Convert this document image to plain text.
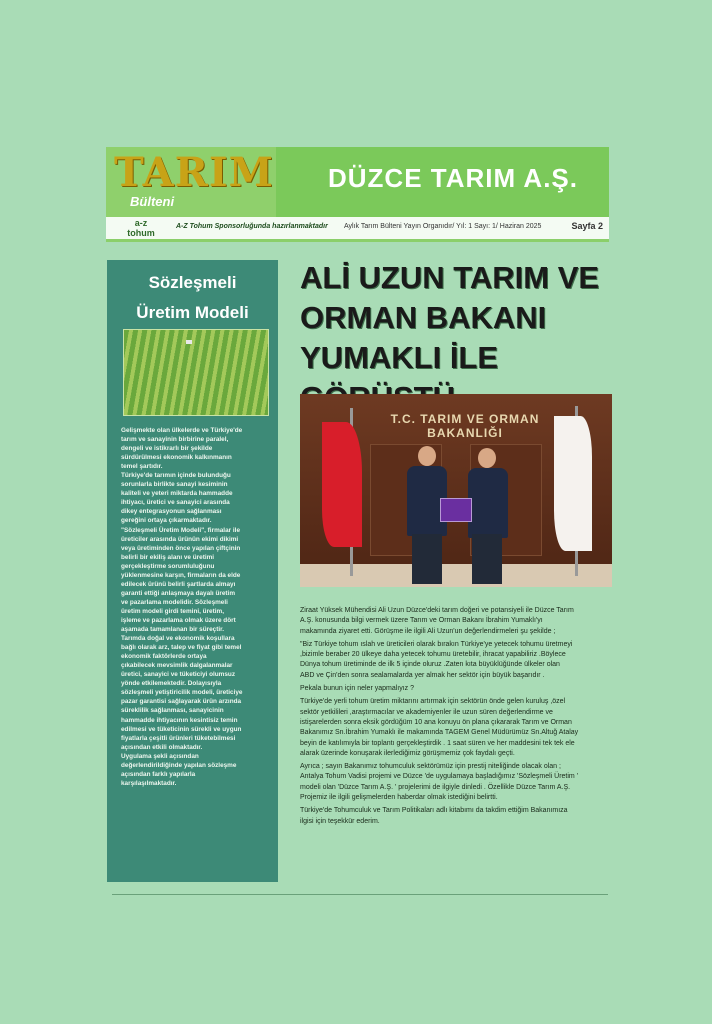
TARIM
Bülteni
DÜZCE TARIM A.Ş.
a-z tohum
A-Z Tohum Sponsorluğunda hazırlanmaktadır Aylık Tarım Bülteni Yayın Organıdır/ Yıl: 1 Sayı: 1/ Haziran 2025	Sayfa 2
Sözleşmeli
Üretim Modeli
Gelişmekte olan ülkelerde ve Türkiye'de
tarım ve sanayinin birbirine paralel,
dengeli ve istikrarlı bir şekilde
sürdürülmesi ekonomik kalkınmanın
temel şartıdır.
Türkiye'de tarımın içinde bulunduğu
sorunlarla birlikte sanayi kesiminin
kaliteli ve yeteri miktarda hammadde
ihtiyacı, üretici ve sanayici arasında
dikey entegrasyonun sağlanması
gereğini ortaya çıkarmaktadır.
"Sözleşmeli Üretim Modeli", firmalar ile
üreticiler arasında ürünün ekimi dikimi
veya üretiminden önce yapılan çiftçinin
belirli bir ekiliş alanı ve üretimi
gerçekleştirme sorumluluğunu
yüklenmesine karşın, firmaların da elde
edilecek ürünü belirli şartlarda almayı
garanti ettiği anlaşmaya dayalı üretim
ve pazarlama modelidir. Sözleşmeli
üretim modeli girdi temini, üretim,
işleme ve pazarlama olmak üzere dört
aşamada tamamlanan bir süreçtir.
Tarımda doğal ve ekonomik koşullara
bağlı olarak arz, talep ve fiyat gibi temel
ekonomik faktörlerde ortaya
çıkabilecek mevsimlik dalgalanmalar
üretici, sanayici ve tüketiciyi olumsuz
yönde etkilemektedir. Dolayısıyla
sözleşmeli yetiştiricilik modeli, üreticiye
pazar garantisi sağlayarak ürün arzında
süreklilik sağlanması, sanayicinin
hammadde ihtiyacının kesintisiz temin
edilmesi ve tüketicinin sürekli ve uygun
fiyatlarla çeşitli ürünleri tüketebilmesi
açısından etkili olmaktadır.
Uygulama şekli açısından
değerlendirildiğinde yapılan sözleşme
açısından farklı yapılarla
karşılaşılmaktadır.
ALİ UZUN TARIM VE
ORMAN BAKANI
YUMAKLI İLE
T.C. TARIM VE ORMAN BAKANLIĞI

Ziraat Yüksek Mühendisi Ali Uzun Düzce'deki tarım doğeri ve potansiyeli ile Düzce Tarım
A.Ş. konusunda bilgi vermek üzere Tarım ve Orman Bakanı İbrahim Yumaklı'yı
makamında ziyaret etti. Görüşme ile ilgili Ali Uzun'un değerlendirmeleri şu şekilde ;

"Biz Türkiye tohum ıslah ve üreticileri olarak bırakın Türkiye'ye yetecek tohumu üretmeyi
,bizimle beraber 20 ülkeye daha yetecek tohumu üretebilir, ihracat yapabiliriz .Böylece
Dünya tohum üretiminde de ilk 5 içinde oluruz .Zaten kıta büyüklüğünde ülkeler olan
ABD ve Çin'den sonra sealamalarda yer almak her sektör için büyük başarıdır .

Pekala bunun için neler yapmalıyız ?

Türkiye'de yerli tohum üretim miktarını artırmak için sektörün önde gelen kuruluş ,özel
sektör yetkilileri ,araştırmacılar ve akademiyenler ile uzun süren değerlendirme ve
istişarelerden sonra eksik gördüğüm 10 ana konuyu ön plana çıkararak Tarım ve Orman
Bakanımız Sn.İbrahim Yumaklı ile makamında TAGEM Genel Müdürümüz Sn.Altuğ Atalay
beyin de katılımıyla bir toplantı gerçekleştirdik . 1 saat süren ve her maddesini tek tek ele
alarak üzerinde konuşarak ilerlediğimiz görüşmemiz çok faydalı geçti.

Ayrıca ; sayın Bakanımız tohumculuk sektörümüz için prestij niteliğinde olacak olan ;
Antalya Tohum Vadisi projemi ve Düzce 'de uygulamaya başladığımız 'Sözleşmeli Üretim '
modeli olan 'Düzce Tarım A.Ş. ' projelerimi de ilgiyle dinledi . Özellikle Düzce Tarım A.Ş.
Projemiz ile ilgili gelişmelerden haberdar olmak istediğini belirtti.

Türkiye'de Tohumculuk ve Tarım Politikaları adlı kitabımı da takdim ettiğim Bakanımıza
ilgisi için teşekkür ederim.
